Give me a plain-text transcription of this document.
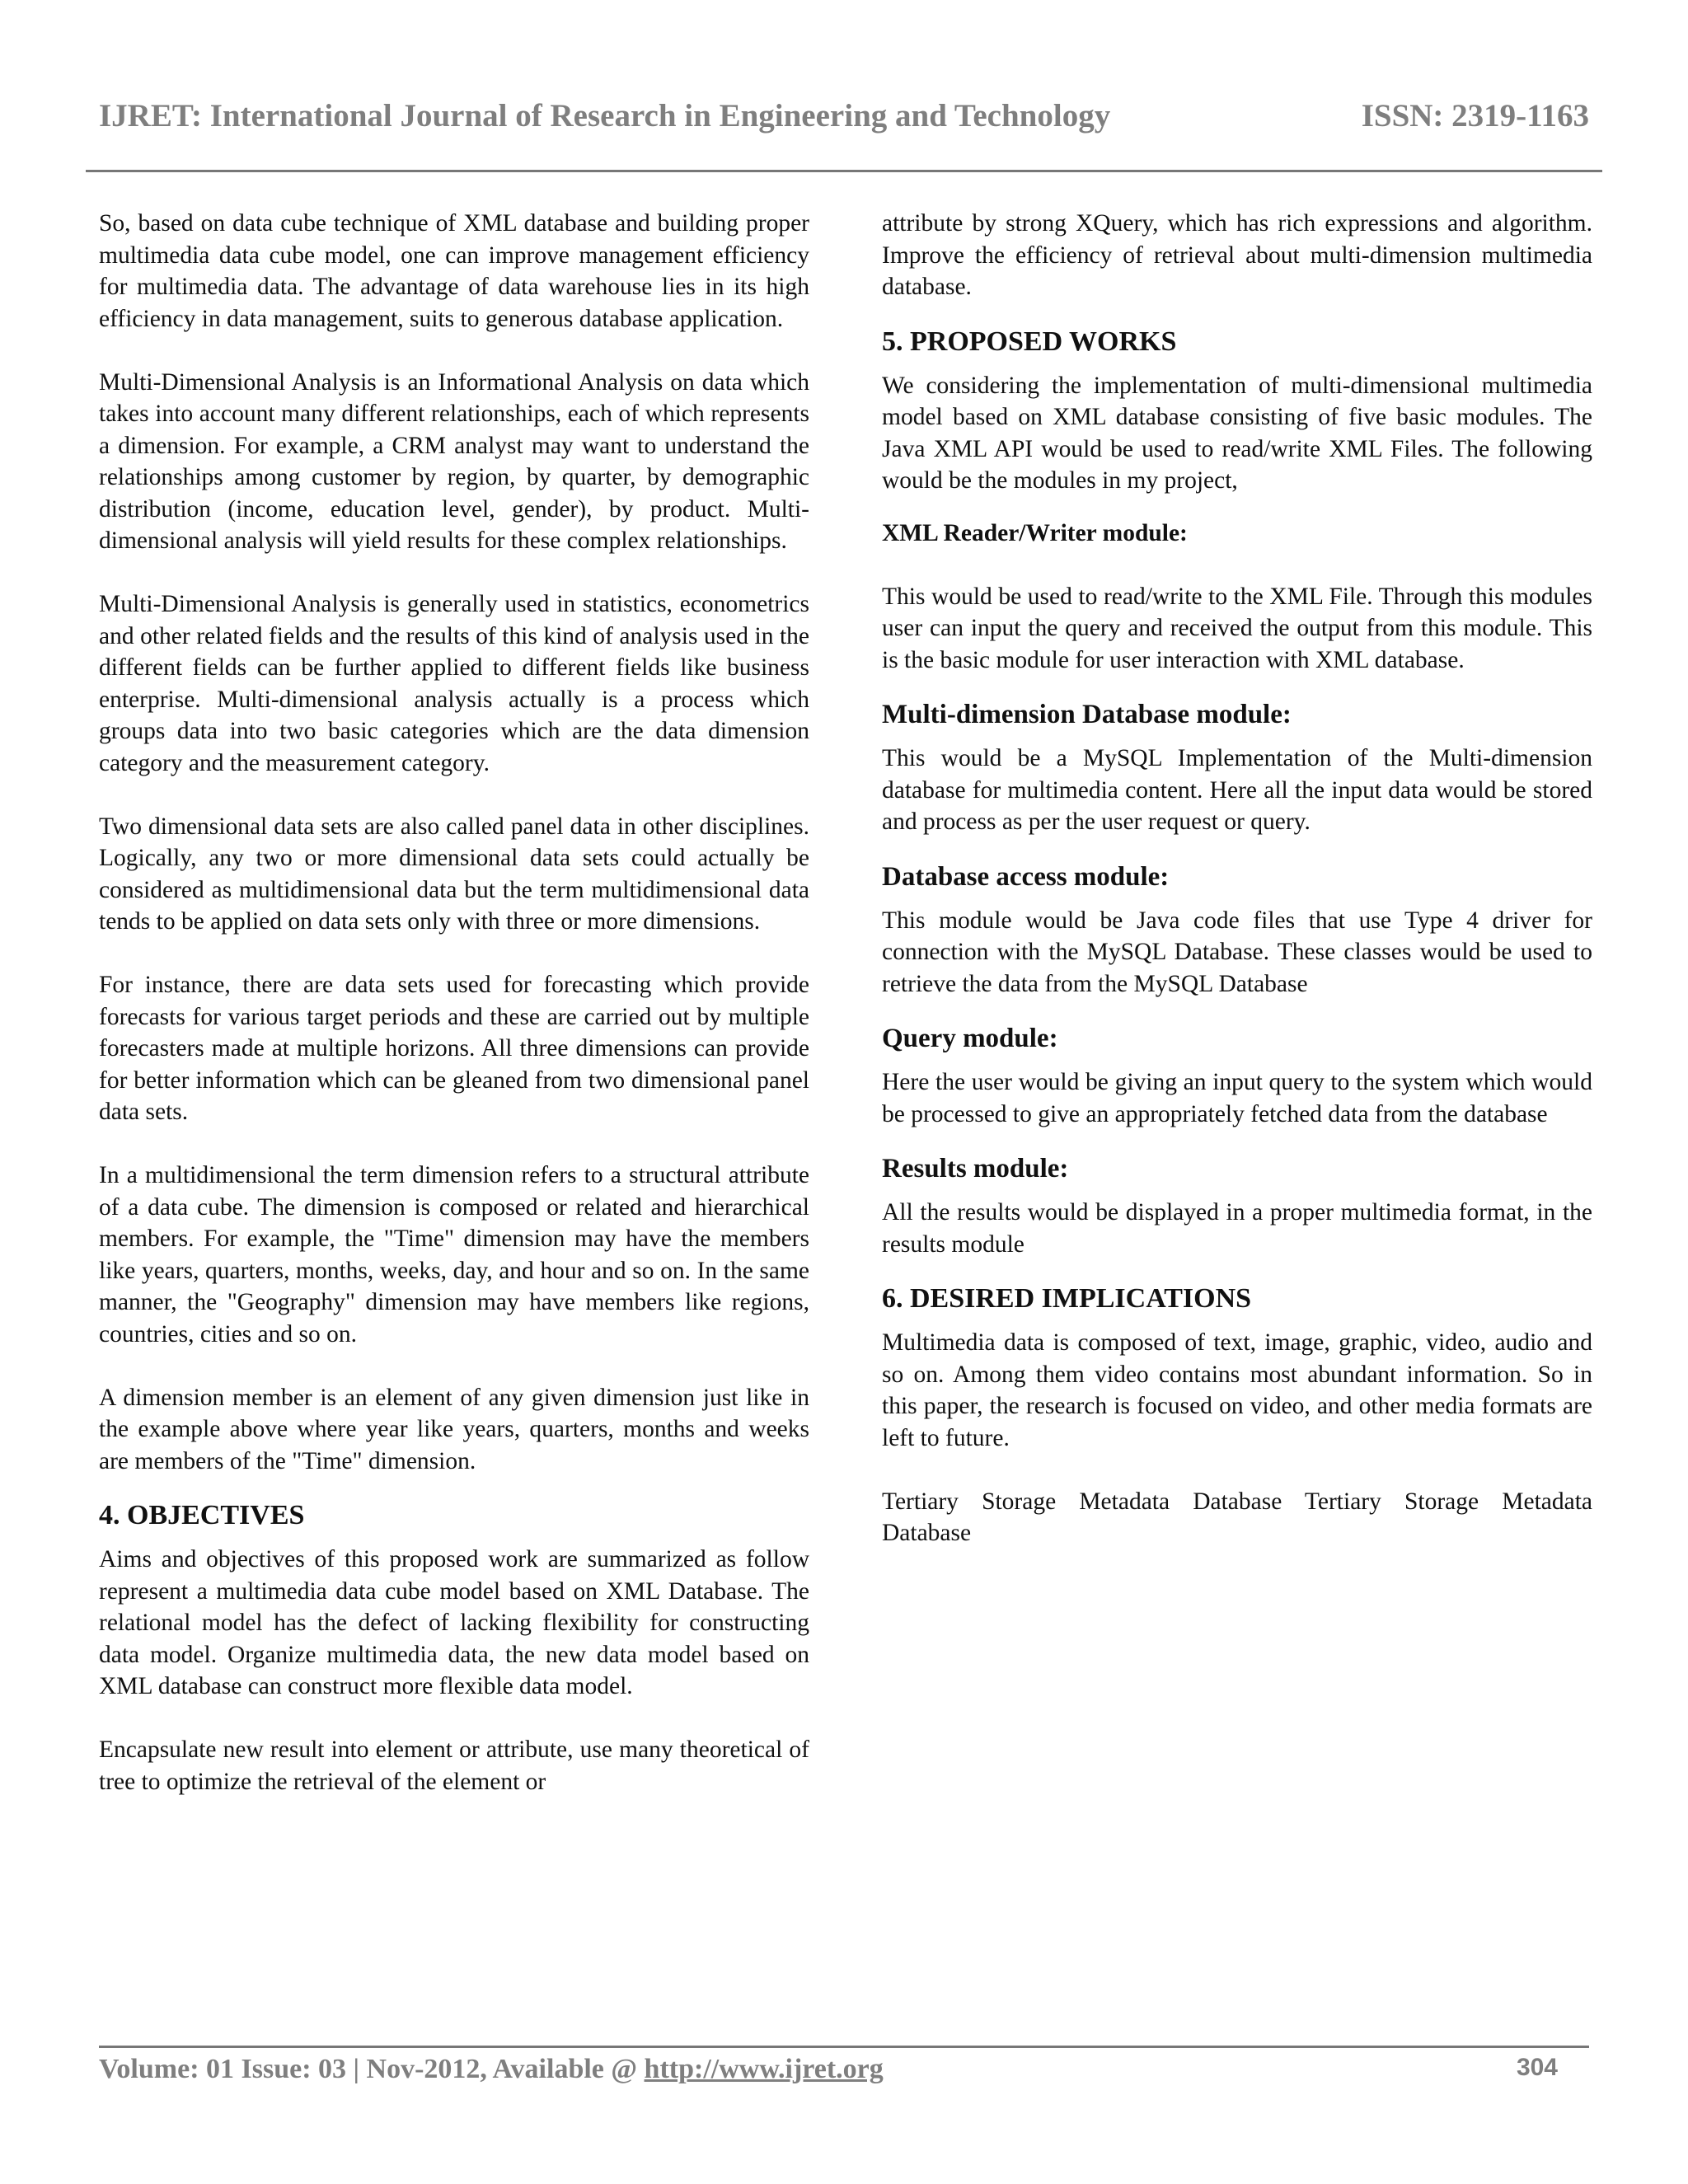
IJRET: International Journal of Research in Engineering and Technology	ISSN: 2319-1163

So, based on data cube technique of XML database and building proper multimedia data cube model, one can improve management efficiency for multimedia data. The advantage of data warehouse lies in its high efficiency in data management, suits to generous database application.

Multi-Dimensional Analysis is an Informational Analysis on data which takes into account many different relationships, each of which represents a dimension. For example, a CRM analyst may want to understand the relationships among customer by region, by quarter, by demographic distribution (income, education level, gender), by product. Multi-dimensional analysis will yield results for these complex relationships.

Multi-Dimensional Analysis is generally used in statistics, econometrics and other related fields and the results of this kind of analysis used in the different fields can be further applied to different fields like business enterprise. Multi-dimensional analysis actually is a process which groups data into two basic categories which are the data dimension category and the measurement category.

Two dimensional data sets are also called panel data in other disciplines. Logically, any two or more dimensional data sets could actually be considered as multidimensional data but the term multidimensional data tends to be applied on data sets only with three or more dimensions.

For instance, there are data sets used for forecasting which provide forecasts for various target periods and these are carried out by multiple forecasters made at multiple horizons. All three dimensions can provide for better information which can be gleaned from two dimensional panel data sets.

In a multidimensional the term dimension refers to a structural attribute of a data cube. The dimension is composed or related and hierarchical members. For example, the "Time" dimension may have the members like years, quarters, months, weeks, day, and hour and so on. In the same manner, the "Geography" dimension may have members like regions, countries, cities and so on.

A dimension member is an element of any given dimension just like in the example above where year like years, quarters, months and weeks are members of the "Time" dimension.

4. OBJECTIVES

Aims and objectives of this proposed work are summarized as follow represent a multimedia data cube model based on XML Database. The relational model has the defect of lacking flexibility for constructing data model. Organize multimedia data, the new data model based on XML database can construct more flexible data model.

Encapsulate new result into element or attribute, use many theoretical of tree to optimize the retrieval of the element or

attribute by strong XQuery, which has rich expressions and algorithm. Improve the efficiency of retrieval about multi-dimension multimedia database.

5. PROPOSED WORKS

We considering the implementation of multi-dimensional multimedia model based on XML database consisting of five basic modules. The Java XML API would be used to read/write XML Files. The following would be the modules in my project,

XML Reader/Writer module:

This would be used to read/write to the XML File. Through this modules user can input the query and received the output from this module. This is the basic module for user interaction with XML database.

Multi-dimension Database module:

This would be a MySQL Implementation of the Multi-dimension database for multimedia content. Here all the input data would be stored and process as per the user request or query.

Database access module:

This module would be Java code files that use Type 4 driver for connection with the MySQL Database. These classes would be used to retrieve the data from the MySQL Database

Query module:

Here the user would be giving an input query to the system which would be processed to give an appropriately fetched data from the database

Results module:

All the results would be displayed in a proper multimedia format, in the results module

6. DESIRED IMPLICATIONS

Multimedia data is composed of text, image, graphic, video, audio and so on. Among them video contains most abundant information. So in this paper, the research is focused on video, and other media formats are left to future.

Tertiary Storage Metadata Database Tertiary Storage Metadata Database

Volume: 01 Issue: 03 | Nov-2012, Available @ http://www.ijret.org	304
